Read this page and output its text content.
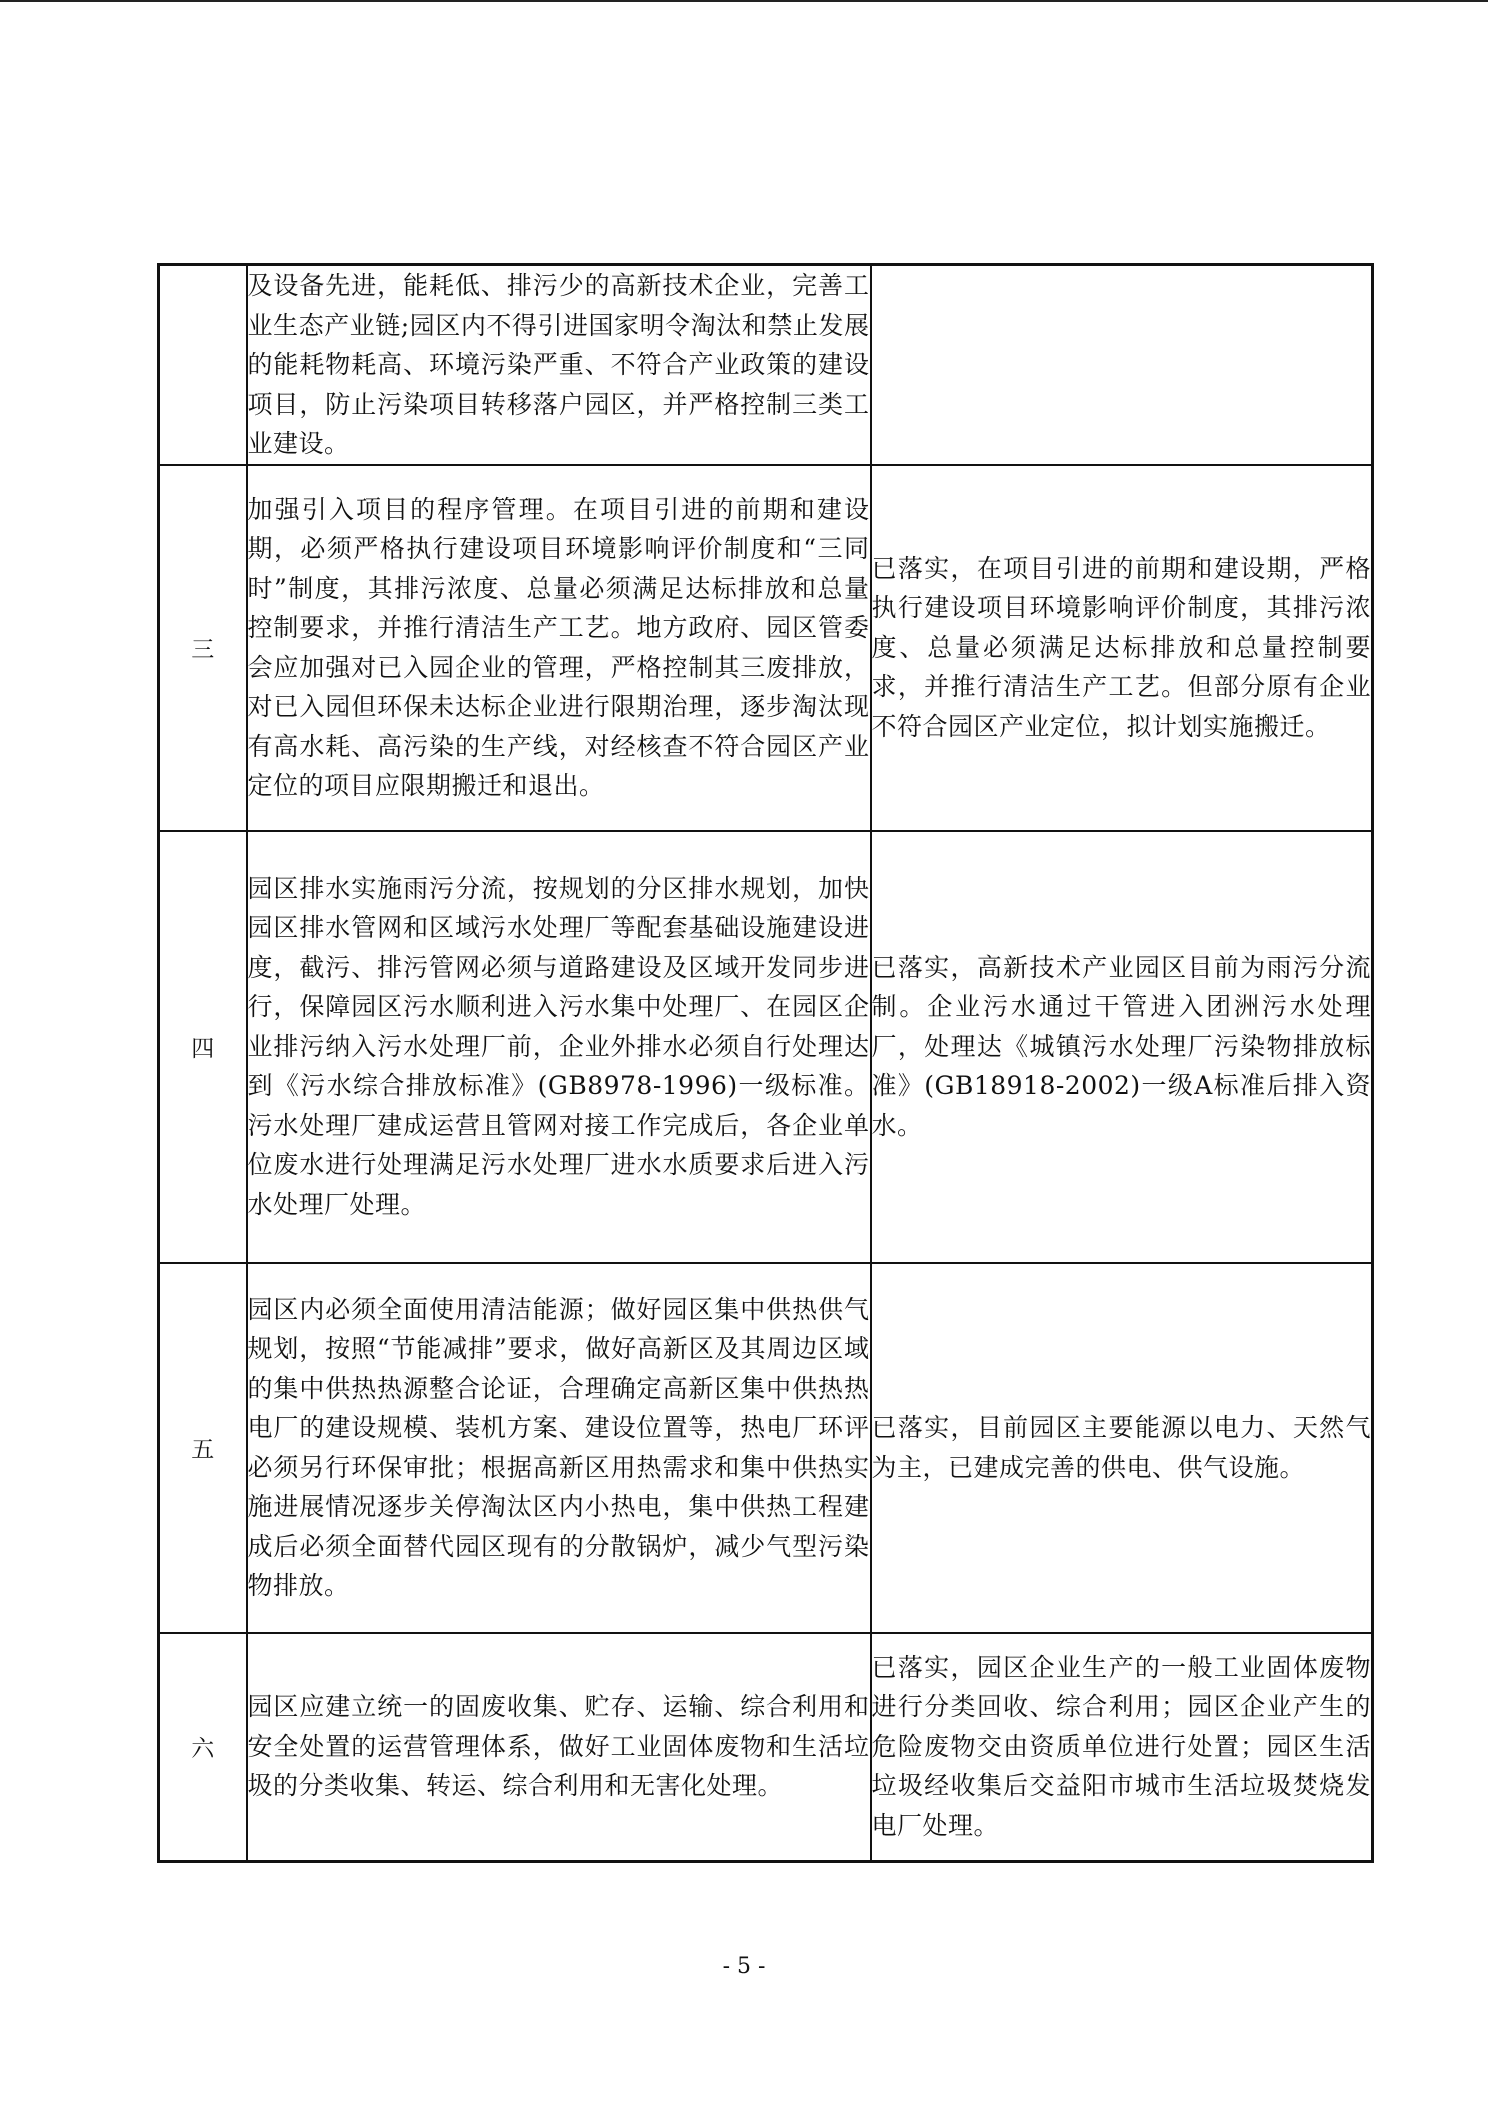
	及设备先进，能耗低、排污少的高新技术企业，完善工业生态产业链;园区内不得引进国家明令淘汰和禁止发展的能耗物耗高、环境污染严重、不符合产业政策的建设项目，防止污染项目转移落户园区，并严格控制三类工业建设。	
三	加强引入项目的程序管理。在项目引进的前期和建设期，必须严格执行建设项目环境影响评价制度和“三同时”制度，其排污浓度、总量必须满足达标排放和总量控制要求，并推行清洁生产工艺。地方政府、园区管委会应加强对已入园企业的管理，严格控制其三废排放，对已入园但环保未达标企业进行限期治理，逐步淘汰现有高水耗、高污染的生产线，对经核查不符合园区产业定位的项目应限期搬迁和退出。	已落实，在项目引进的前期和建设期，严格执行建设项目环境影响评价制度，其排污浓度、总量必须满足达标排放和总量控制要求，并推行清洁生产工艺。但部分原有企业不符合园区产业定位，拟计划实施搬迁。
四	园区排水实施雨污分流，按规划的分区排水规划，加快园区排水管网和区域污水处理厂等配套基础设施建设进度，截污、排污管网必须与道路建设及区域开发同步进行，保障园区污水顺利进入污水集中处理厂、在园区企业排污纳入污水处理厂前，企业外排水必须自行处理达到《污水综合排放标准》(GB8978-1996)一级标准。污水处理厂建成运营且管网对接工作完成后，各企业单位废水进行处理满足污水处理厂进水水质要求后进入污水处理厂处理。	已落实，高新技术产业园区目前为雨污分流制。企业污水通过干管进入团洲污水处理厂，处理达《城镇污水处理厂污染物排放标准》(GB18918-2002)一级A标准后排入资水。
五	园区内必须全面使用清洁能源；做好园区集中供热供气规划，按照“节能减排”要求，做好高新区及其周边区域的集中供热热源整合论证，合理确定高新区集中供热热电厂的建设规模、装机方案、建设位置等，热电厂环评必须另行环保审批；根据高新区用热需求和集中供热实施进展情况逐步关停淘汰区内小热电，集中供热工程建成后必须全面替代园区现有的分散锅炉，减少气型污染物排放。	已落实，目前园区主要能源以电力、天然气为主，已建成完善的供电、供气设施。
六	园区应建立统一的固废收集、贮存、运输、综合利用和安全处置的运营管理体系，做好工业固体废物和生活垃圾的分类收集、转运、综合利用和无害化处理。	已落实，园区企业生产的一般工业固体废物进行分类回收、综合利用；园区企业产生的危险废物交由资质单位进行处置；园区生活垃圾经收集后交益阳市城市生活垃圾焚烧发电厂处理。
- 5 -
